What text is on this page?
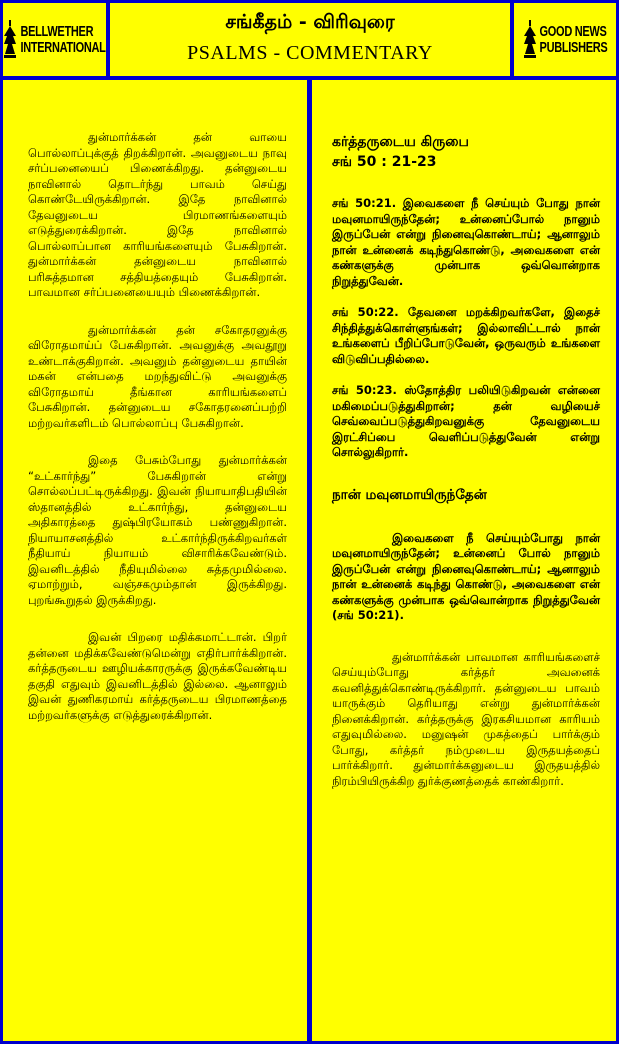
BELLWETHER
INTERNATIONAL
சங்கீதம் - விரிவுரை
PSALMS - COMMENTARY
GOOD NEWS
PUBLISHERS

துன்மார்க்கன் தன் வாயை பொல்லாப்புக்குத் திறக்கிறான். அவனுடைய நாவு சர்ப்பனையைப் பிணைக்கிறது. தன்னுடைய நாவினால் தொடர்ந்து பாவம் செய்து கொண்டேயிருக்கிறான். இதே நாவினால் தேவனுடைய பிரமாணங்களையும் எடுத்துரைக்கிறான். இதே நாவினால் பொல்லாப்பான காரியங்களையும் பேசுகிறான். துன்மார்க்கன் தன்னுடைய நாவினால் பரிசுத்தமான சத்தியத்தையும் பேசுகிறான். பாவமான சர்ப்பனையையும் பிணைக்கிறான்.

துன்மார்க்கன் தன் சகோதரனுக்கு விரோதமாய்ப் பேசுகிறான். அவனுக்கு அவதூறு உண்டாக்குகிறான். அவனும் தன்னுடைய தாயின் மகன் என்பதை மறந்துவிட்டு அவனுக்கு விரோதமாய் தீங்கான காரியங்களைப் பேசுகிறான். தன்னுடைய சகோதரனைப்பற்றி மற்றவர்களிடம் பொல்லாப்பு பேசுகிறான்.

இதை பேசும்போது துன்மார்க்கன் “உட்கார்ந்து” பேசுகிறான் என்று சொல்லப்பட்டிருக்கிறது. இவன் நியாயாதிபதியின் ஸ்தானத்தில் உட்கார்ந்து, தன்னுடைய அதிகாரத்தை துஷ்பிரயோகம் பண்ணுகிறான். நியாயாசனத்தில் உட்கார்ந்திருக்கிறவர்கள் நீதியாய் நியாயம் விசாரிக்கவேண்டும். இவனிடத்தில் நீதியுமில்லை சுத்தமுமில்லை. ஏமாற்றும், வஞ்சகமும்தான் இருக்கிறது. புறங்கூறுதல் இருக்கிறது.

இவன் பிறரை மதிக்கமாட்டான். பிறர் தன்னை மதிக்கவேண்டுமென்று எதிர்பார்க்கிறான். கர்த்தருடைய ஊழியக்காரருக்கு இருக்கவேண்டிய தகுதி எதுவும் இவனிடத்தில் இல்லை. ஆனாலும் இவன் துணிகரமாய் கர்த்தருடைய பிரமாணத்தை மற்றவர்களுக்கு எடுத்துரைக்கிறான்.

கர்த்தருடைய கிருபை

சங் 50 : 21-23

சங் 50:21. இவைகளை நீ செய்யும் போது நான் மவுனமாயிருந்தேன்; உன்னைப்போல் நானும் இருப்பேன் என்று நினைவுகொண்டாய்; ஆனாலும் நான் உன்னைக் கடிந்துகொண்டு, அவைகளை என் கண்களுக்கு முன்பாக ஒவ்வொன்றாக நிறுத்துவேன்.

சங் 50:22. தேவனை மறக்கிறவர்களே, இதைச் சிந்தித்துக்கொள்ளுங்கள்; இல்லாவிட்டால் நான் உங்களைப் பீறிப்போடுவேன், ஒருவரும் உங்களை விடுவிப்பதில்லை.

சங் 50:23. ஸ்தோத்திர பலியிடுகிறவன் என்னை மகிமைப்படுத்துகிறான்; தன் வழியைச் செவ்வைப்படுத்துகிறவனுக்கு தேவனுடைய இரட்சிப்பை வெளிப்படுத்துவேன் என்று சொல்லுகிறார்.

நான் மவுனமாயிருந்தேன்

இவைகளை நீ செய்யும்போது நான் மவுனமாயிருந்தேன்; உன்னைப் போல் நானும் இருப்பேன் என்று நினைவுகொண்டாய்; ஆனாலும் நான் உன்னைக் கடிந்து கொண்டு, அவைகளை என் கண்களுக்கு முன்பாக ஒவ்வொன்றாக நிறுத்துவேன் (சங் 50:21).

துன்மார்க்கன் பாவமான காரியங்களைச் செய்யும்போது கர்த்தர் அவனைக் கவனித்துக்கொண்டிருக்கிறார். தன்னுடைய பாவம் யாருக்கும் தெரியாது என்று துன்மார்க்கன் நினைக்கிறான். கர்த்தருக்கு இரகசியமான காரியம் எதுவுமில்லை. மனுஷன் முகத்தைப் பார்க்கும் போது, கர்த்தர் நம்முடைய இருதயத்தைப் பார்க்கிறார். துன்மார்க்கனுடைய இருதயத்தில் நிரம்பியிருக்கிற துர்க்குணத்தைக் காண்கிறார்.
